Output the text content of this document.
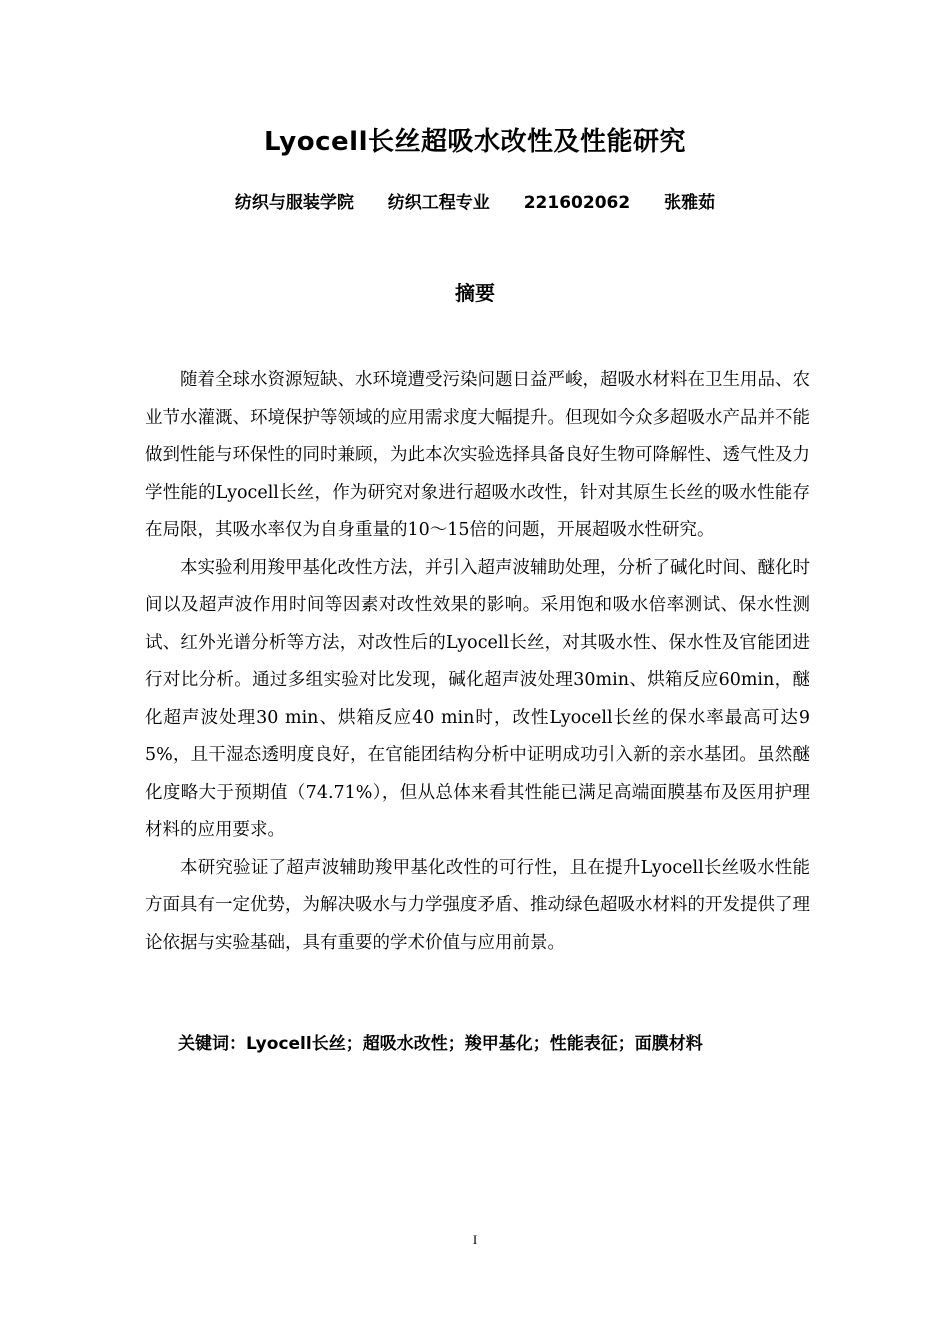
Lyocell长丝超吸水改性及性能研究
纺织与服装学院 纺织工程专业 221602062 张雅茹
摘要

随着全球水资源短缺、水环境遭受污染问题日益严峻，超吸水材料在卫生用品、农业节水灌溉、环境保护等领域的应用需求度大幅提升。但现如今众多超吸水产品并不能做到性能与环保性的同时兼顾，为此本次实验选择具备良好生物可降解性、透气性及力学性能的Lyocell长丝，作为研究对象进行超吸水改性，针对其原生长丝的吸水性能存在局限，其吸水率仅为自身重量的10～15倍的问题，开展超吸水性研究。

本实验利用羧甲基化改性方法，并引入超声波辅助处理，分析了碱化时间、醚化时间以及超声波作用时间等因素对改性效果的影响。采用饱和吸水倍率测试、保水性测试、红外光谱分析等方法，对改性后的Lyocell长丝，对其吸水性、保水性及官能团进行对比分析。通过多组实验对比发现，碱化超声波处理30min、烘箱反应60min，醚化超声波处理30 min、烘箱反应40 min时，改性Lyocell长丝的保水率最高可达95%，且干湿态透明度良好，在官能团结构分析中证明成功引入新的亲水基团。虽然醚化度略大于预期值（74.71%），但从总体来看其性能已满足高端面膜基布及医用护理材料的应用要求。

本研究验证了超声波辅助羧甲基化改性的可行性，且在提升Lyocell长丝吸水性能方面具有一定优势，为解决吸水与力学强度矛盾、推动绿色超吸水材料的开发提供了理论依据与实验基础，具有重要的学术价值与应用前景。

关键词：Lyocell长丝；超吸水改性；羧甲基化；性能表征；面膜材料
I
